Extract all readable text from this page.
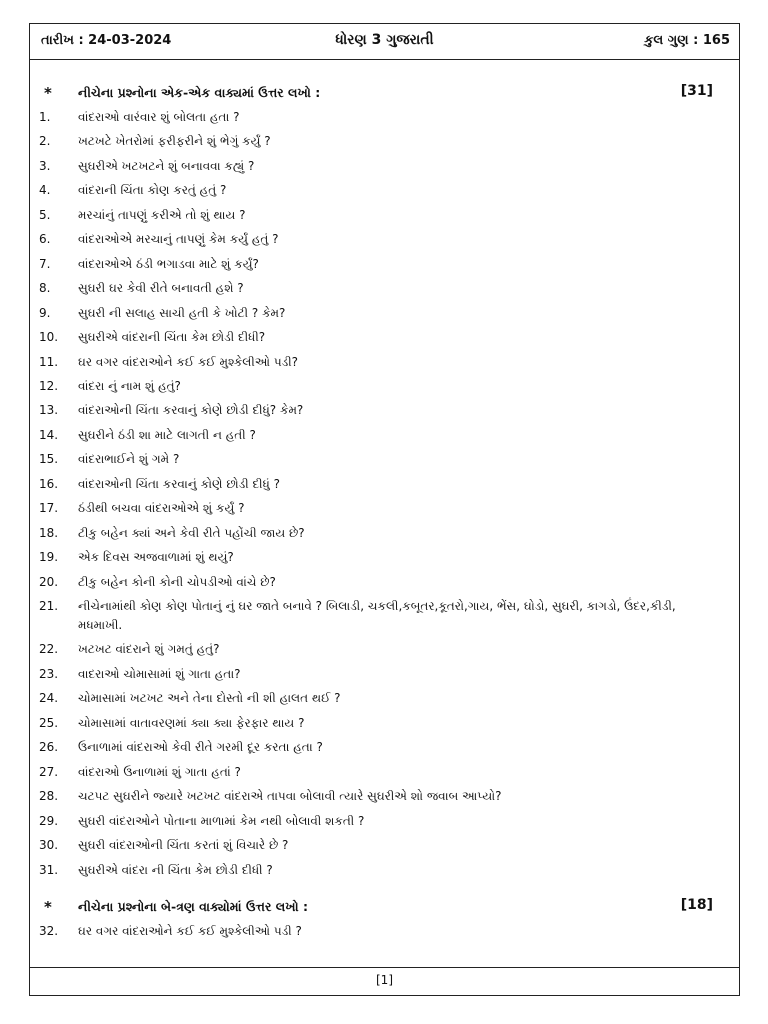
તારીખ : 24-03-2024	ધોરણ 3 ગુજરાતી	કુલ ગુણ : 165
* નીચેના પ્રશ્નોના એક-એક વાક્યમાં ઉત્તર લખો :	[31]
1. વાંદરાઓ વારંવાર શું બોલતા હતા ?
2. ખટખટે ખેતરોમાં ફરીફરીને શું ભેગું કર્યું ?
3. સુઘરીએ ખટખટને શું બનાવવા કહ્યું ?
4. વાંદરાની ચિંતા કોણ કરતું હતું ?
5. મરચાંનું તાપણું કરીએ તો શું થાય ?
6. વાંદરાઓએ મરચાનું તાપણું કેમ કર્યું હતું ?
7. વાંદરાઓએ ઠંડી ભગાડવા માટે શું કર્યું?
8. સુઘરી ઘર કેવી રીતે બનાવતી હશે ?
9. સુઘરી ની સલાહ સાચી હતી કે ખોટી ? કેમ?
10. સુઘરીએ વાંદરાની ચિંતા કેમ છોડી દીધી?
11. ઘર વગર વાંદરાઓને કઈ કઈ મુશ્કેલીઓ પડી?
12. વાંદરા નું નામ શું હતું?
13. વાંદરાઓની ચિંતા કરવાનું કોણે છોડી દીધું? કેમ?
14. સુઘરીને ઠંડી શા માટે લાગતી ન હતી ?
15. વાંદરાભાઈને શું ગમે ?
16. વાંદરાઓની ચિંતા કરવાનું કોણે છોડી દીધું ?
17. ઠંડીથી બચવા વાંદરાઓએ શું કર્યું ?
18. ટીકુ બહેન ક્યાં અને કેવી રીતે પહોંચી જાય છે?
19. એક દિવસ અજવાળામાં શું થયું?
20. ટીકુ બહેન કોની કોની ચોપડીઓ વાંચે છે?
21. નીચેનામાંથી કોણ કોણ પોતાનું નું ઘર જાતે બનાવે ? બિલાડી, ચકલી,કબૂતર,કૂતરો,ગાય, ભેંસ, ઘોડો, સુઘરી, કાગડો, ઉંદર,કીડી, મધમાખી.
22. ખટખટ વાંદરાને શું ગમતું હતું?
23. વાદરાઓ ચોમાસામાં શું ગાતા હતા?
24. ચોમાસામાં ખટખટ અને તેના દોસ્તો ની શી હાલત થઈ ?
25. ચોમાસામાં વાતાવરણમાં ક્યા ક્યા ફેરફાર થાય ?
26. ઉનાળામાં વાંદરાઓ કેવી રીતે ગરમી દૂર કરતા હતા ?
27. વાંદરાઓ ઉનાળામાં શું ગાતા હતાં ?
28. ચટપટ સુઘરીને જ્યારે ખટખટ વાંદરાએ તાપવા બોલાવી ત્યારે સુઘરીએ શો જવાબ આપ્યો?
29. સુઘરી વાંદરાઓને પોતાના માળામાં કેમ નથી બોલાવી શકતી ?
30. સુઘરી વાંદરાઓની ચિંતા કરતાં શું વિચારે છે ?
31. સુઘરીએ વાંદરા ની ચિંતા કેમ છોડી દીધી ?
* નીચેના પ્રશ્નોના બે-ત્રણ વાક્યોમાં ઉત્તર લખો :	[18]
32. ઘર વગર વાંદરાઓને કઈ કઈ મુશ્કેલીઓ પડી ?
[1]
